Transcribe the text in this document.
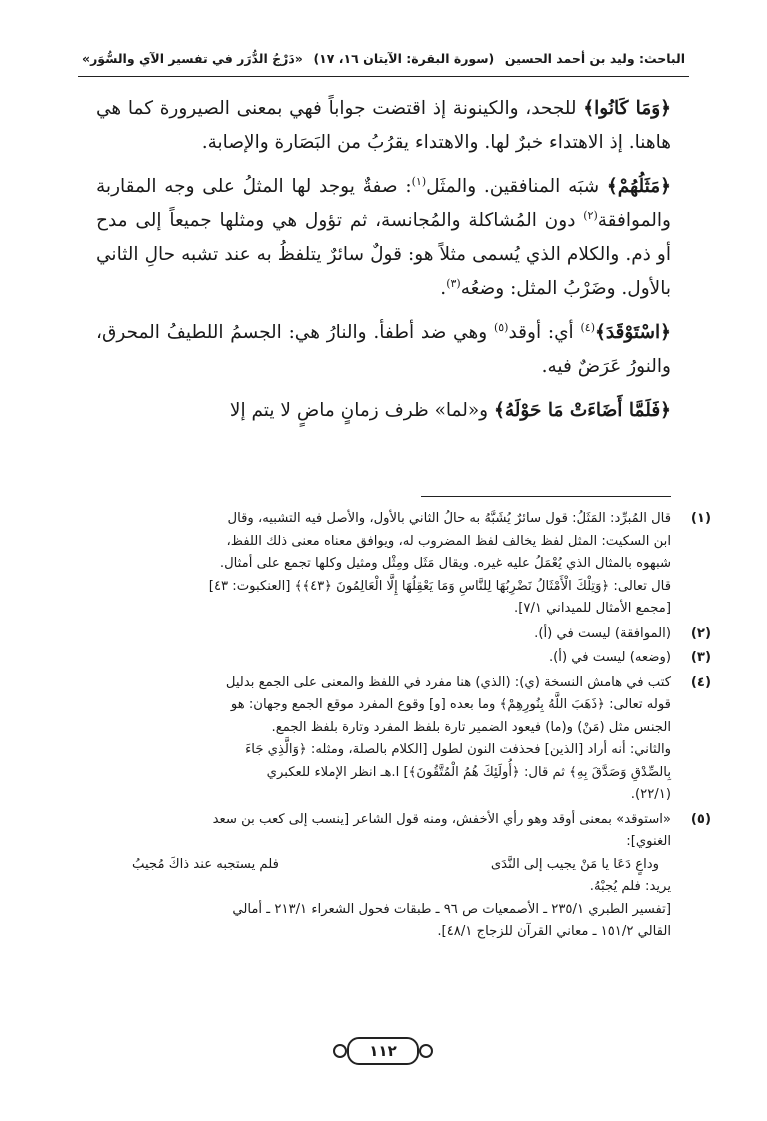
الباحث: وليد بن أحمد الحسين
(سورة البقرة: الآيتان ١٦، ١٧)
«دَرْجُ الدُّرَر في تفسير الآي والسُّوَر»

﴿وَمَا كَانُوا﴾ للجحد، والكينونة إذ اقتضت جواباً فهي بمعنى الصيرورة كما هي هاهنا. إذ الاهتداء خبرٌ لها. والاهتداء يقرُبُ من البَصَارة والإصابة.

﴿مَثَلُهُمْ﴾ شبَه المنافقين. والمثَل$^{(١)}$: صفةٌ يوجد لها المثلُ على وجه المقاربة والموافقة$^{(٢)}$ دون المُشاكلة والمُجانسة، ثم تؤول هي ومثلها جميعاً إلى مدح أو ذم. والكلام الذي يُسمى مثلاً هو: قولٌ سائرٌ يتلفظُ به عند تشبه حالِ الثاني بالأول. وضَرْبُ المثل: وضعُه$^{(٣)}$.

﴿اسْتَوْقَدَ﴾$^{(٤)}$ أي: أوقد$^{(٥)}$ وهي ضد أطفأ. والنارُ هي: الجسمُ اللطيفُ المحرق، والنورُ عَرَضٌ فيه.

﴿فَلَمَّا أَضَاءَتْ مَا حَوْلَهُ﴾ و«لما» ظرف زمانٍ ماضٍ لا يتم إلا

(١)
قال المُبرِّد: المَثَلُ: قول سائرٌ يُشَبَّهُ به حالُ الثاني بالأول، والأصل فيه التشبيه، وقال
ابن السكيت: المثل لفظ يخالف لفظ المضروب له، ويوافق معناه معنى ذلك اللفظ،
شبهوه بالمثال الذي يُعْمَلُ عليه غيره. ويقال مَثَل ومِثْل ومثيل وكلها تجمع على أمثال.
قال تعالى: ﴿وَتِلْكَ الْأَمْثَالُ نَضْرِبُهَا لِلنَّاسِ وَمَا يَعْقِلُهَا إِلَّا الْعَالِمُونَ ﴿٤٣﴾﴾ [العنكبوت: ٤٣]
[مجمع الأمثال للميداني ٧/١].
(٢)
(الموافقة) ليست في (أ).
(٣)
(وضعه) ليست في (أ).
(٤)
كتب في هامش النسخة (ي): (الذي) هنا مفرد في اللفظ والمعنى على الجمع بدليل
قوله تعالى: ﴿ذَهَبَ اللَّهُ بِنُورِهِمْ﴾ وما بعده [و] وقوع المفرد موقع الجمع وجهان: هو
الجنس مثل (مَنْ) و(ما) فيعود الضمير تارة بلفظ المفرد وتارة بلفظ الجمع.
والثاني: أنه أراد [الذين] فحذفت النون لطول [الكلام بالصلة، ومثله: ﴿وَالَّذِي جَاءَ
بِالصِّدْقِ وَصَدَّقَ بِهِ﴾ ثم قال: ﴿أُولَئِكَ هُمُ الْمُتَّقُونَ﴾] ا.هـ انظر الإملاء للعكبري
(٢٢/١).
(٥)
«استوقد» بمعنى أوقد وهو رأي الأخفش، ومنه قول الشاعر [ينسب إلى كعب بن سعد
الغنوي]:
وداعٍ دَعَا يا مَنْ يجيب إلى النَّدَى
فلم يستجبه عند ذاكَ مُجيبُ
يريد: فلم يُجبْهُ.
[تفسير الطبري ٢٣٥/١ ـ الأصمعيات ص ٩٦ ـ طبقات فحول الشعراء ٢١٣/١ ـ أمالي
القالي ١٥١/٢ ـ معاني القرآن للزجاج ٤٨/١].
١١٢
